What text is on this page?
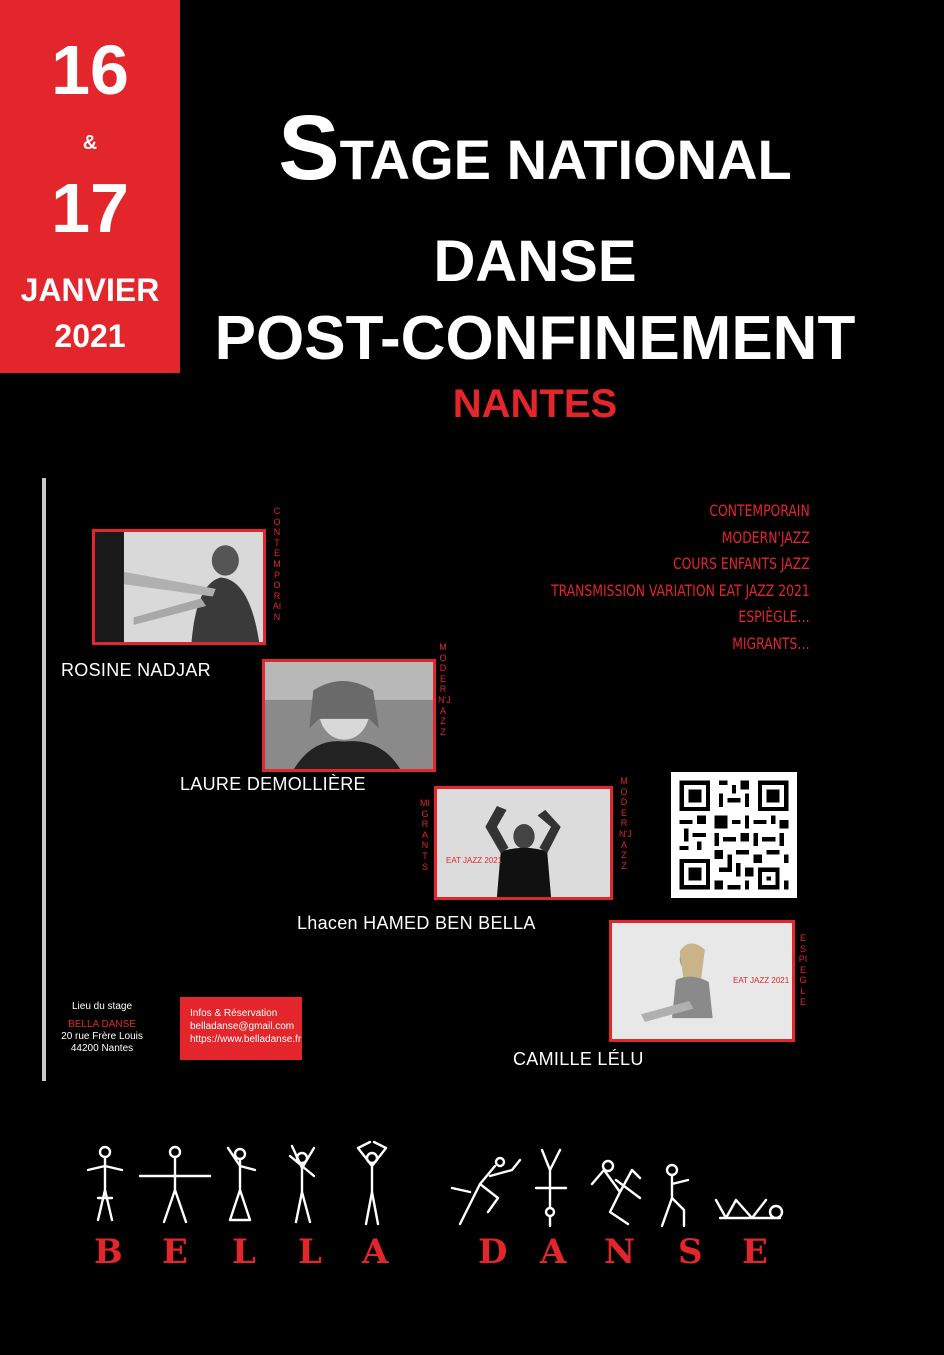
16
&
17
JANVIER
2021
STAGE NATIONAL
DANSE
POST-CONFINEMENT
NANTES
CONTEMPORAIN
MODERN'JAZZ
COURS ENFANTS JAZZ
TRANSMISSION VARIATION EAT JAZZ 2021
ESPIÈGLE…
MIGRANTS…
CONTEMPORAIN
ROSINE NADJAR
MODERN'JAZZ
LAURE DEMOLLIÈRE
EAT JAZZ 2021
MIGRANTS
MODERN'JAZZ
Lhacen HAMED BEN BELLA
EAT JAZZ 2021
ESPIEGLE
CAMILLE LÉLU
Lieu du stage
BELLA DANSE
20 rue Frère Louis
44200 Nantes
Infos & Réservation
belladanse@gmail.com
https://www.belladanse.fr
B E L L A	D A N S E
